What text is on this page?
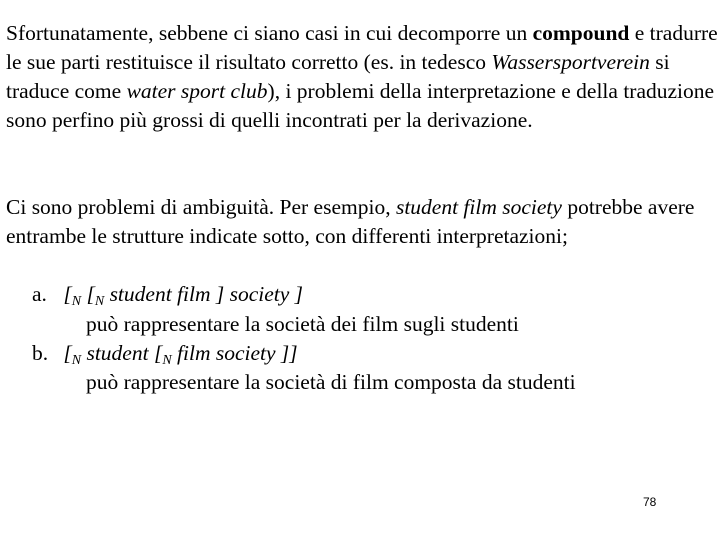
Sfortunatamente, sebbene ci siano casi in cui decomporre un compound e tradurre le sue parti restituisce il risultato corretto (es. in tedesco Wassersportverein si traduce come water sport club), i problemi della interpretazione e della traduzione sono perfino più grossi di quelli incontrati per la derivazione.

Ci sono problemi di ambiguità. Per esempio, student film society potrebbe avere entrambe le strutture indicate sotto, con differenti interpretazioni;

a. [$_N$ [$_N$ student film ] society ]
può rappresentare la società dei film sugli studenti
b. [$_N$ student [$_N$ film society ]]
può rappresentare la società di film composta da studenti
78
